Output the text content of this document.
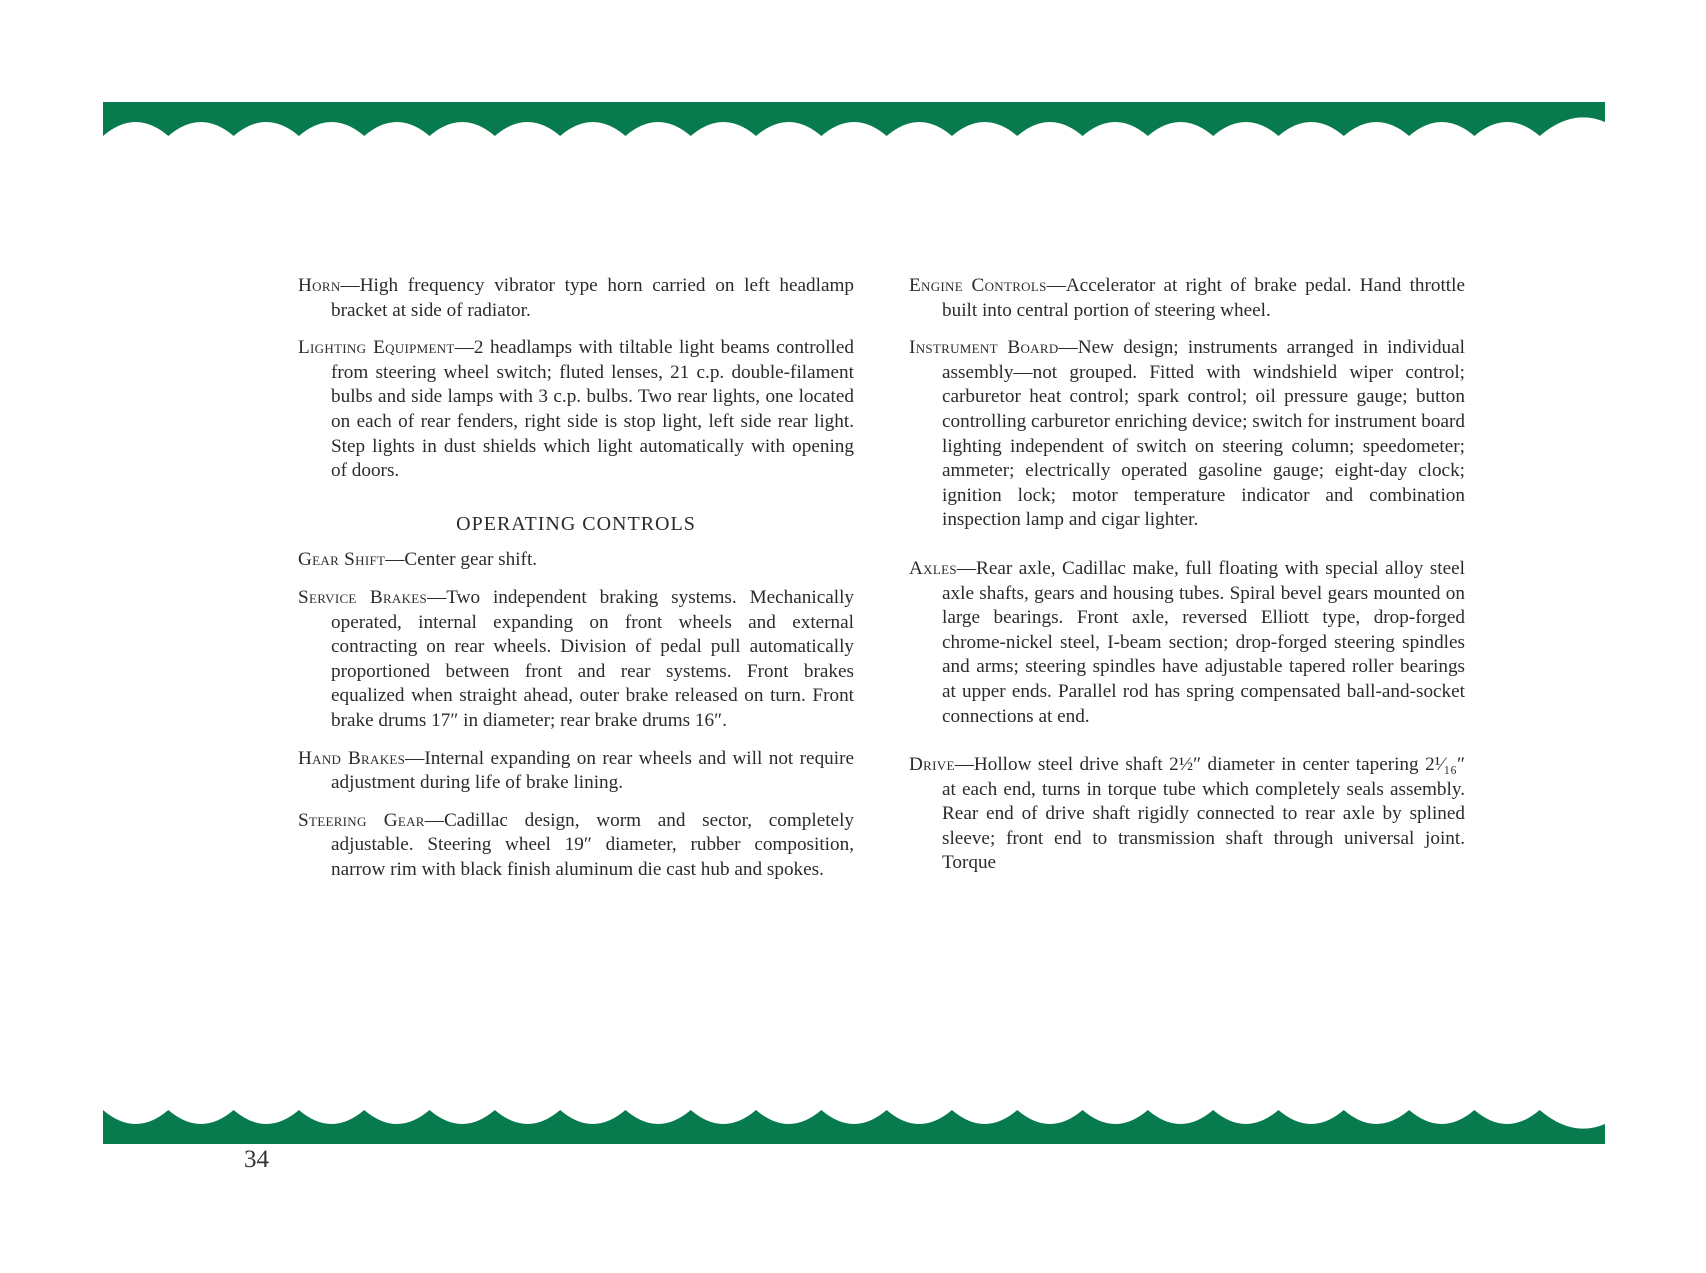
Horn—High frequency vibrator type horn carried on left headlamp bracket at side of radiator.

Lighting Equipment—2 headlamps with tiltable light beams controlled from steering wheel switch; fluted lenses, 21 c.p. double-filament bulbs and side lamps with 3 c.p. bulbs. Two rear lights, one located on each of rear fenders, right side is stop light, left side rear light. Step lights in dust shields which light automatically with opening of doors.

OPERATING CONTROLS

Gear Shift—Center gear shift.

Service Brakes—Two independent braking systems. Mechanically operated, internal expanding on front wheels and external contracting on rear wheels. Division of pedal pull automatically proportioned between front and rear systems. Front brakes equalized when straight ahead, outer brake released on turn. Front brake drums 17″ in diameter; rear brake drums 16″.

Hand Brakes—Internal expanding on rear wheels and will not require adjustment during life of brake lining.

Steering Gear—Cadillac design, worm and sector, completely adjustable. Steering wheel 19″ diameter, rubber composition, narrow rim with black finish aluminum die cast hub and spokes.

Engine Controls—Accelerator at right of brake pedal. Hand throttle built into central portion of steering wheel.

Instrument Board—New design; instruments arranged in individual assembly—not grouped. Fitted with windshield wiper control; carburetor heat control; spark control; oil pressure gauge; button controlling carburetor enriching device; switch for instrument board lighting independent of switch on steering column; speedometer; ammeter; electrically operated gasoline gauge; eight-day clock; ignition lock; motor temperature indicator and combination inspection lamp and cigar lighter.

Axles—Rear axle, Cadillac make, full floating with special alloy steel axle shafts, gears and housing tubes. Spiral bevel gears mounted on large bearings. Front axle, reversed Elliott type, drop-forged chrome-nickel steel, I-beam section; drop-forged steering spindles and arms; steering spindles have adjustable tapered roller bearings at upper ends. Parallel rod has spring compensated ball-and-socket connections at end.

Drive—Hollow steel drive shaft 2½″ diameter in center tapering 2¹⁄₁₆″ at each end, turns in torque tube which completely seals assembly. Rear end of drive shaft rigidly connected to rear axle by splined sleeve; front end to transmission shaft through universal joint. Torque

34
